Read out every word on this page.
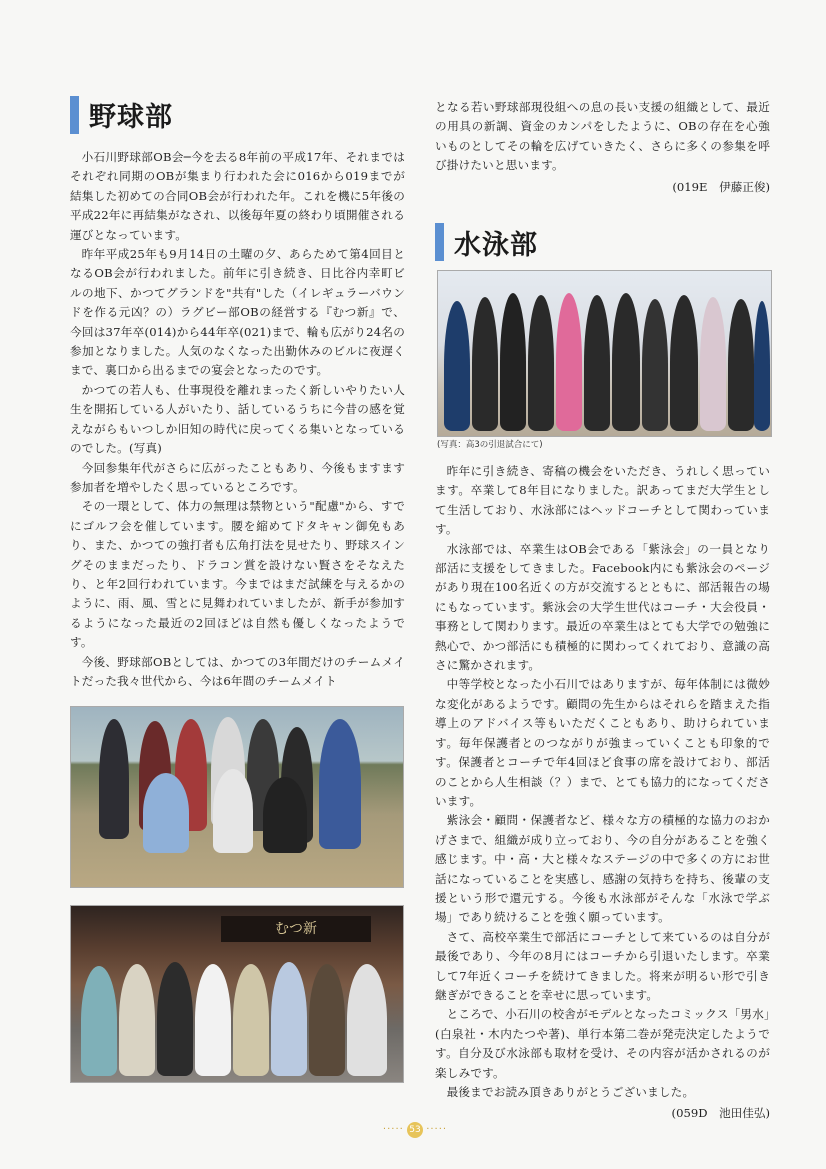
野球部

小石川野球部OB会─今を去る8年前の平成17年、それまではそれぞれ同期のOBが集まり行われた会に016から019までが結集した初めての合同OB会が行われた年。これを機に5年後の平成22年に再結集がなされ、以後毎年夏の終わり頃開催される運びとなっています。

昨年平成25年も9月14日の土曜の夕、あらためて第4回目となるOB会が行われました。前年に引き続き、日比谷内幸町ビルの地下、かつてグランドを"共有"した（イレギュラーバウンドを作る元凶？の）ラグビー部OBの経営する『むつ新』で、今回は37年卒(014)から44年卒(021)まで、輪も広がり24名の参加となりました。人気のなくなった出勤休みのビルに夜遅くまで、裏口から出るまでの宴会となったのです。

かつての若人も、仕事現役を離れまったく新しいやりたい人生を開拓している人がいたり、話しているうちに今昔の感を覚えながらもいつしか旧知の時代に戻ってくる集いとなっているのでした。(写真)

今回参集年代がさらに広がったこともあり、今後もますます参加者を増やしたく思っているところです。

その一環として、体力の無理は禁物という"配慮"から、すでにゴルフ会を催しています。腰を縮めてドタキャン御免もあり、また、かつての強打者も広角打法を見せたり、野球スイングそのままだったり、ドラコン賞を設けない賢さをそなえたり、と年2回行われています。今まではまだ試練を与えるかのように、雨、風、雪とに見舞われていましたが、新手が参加するようになった最近の2回ほどは自然も優しくなったようです。

今後、野球部OBとしては、かつての3年間だけのチームメイトだった我々世代から、今は6年間のチームメイト

むつ新

となる若い野球部現役組への息の長い支援の組織として、最近の用具の新調、資金のカンパをしたように、OBの存在を心強いものとしてその輪を広げていきたく、さらに多くの参集を呼び掛けたいと思います。

(019E　伊藤正俊)

水泳部
(写真：高3の引退試合にて)

昨年に引き続き、寄稿の機会をいただき、うれしく思っています。卒業して8年目になりました。訳あってまだ大学生として生活しており、水泳部にはヘッドコーチとして関わっています。

水泳部では、卒業生はOB会である「紫泳会」の一員となり部活に支援をしてきました。Facebook内にも紫泳会のページがあり現在100名近くの方が交流するとともに、部活報告の場にもなっています。紫泳会の大学生世代はコーチ・大会役員・事務として関わります。最近の卒業生はとても大学での勉強に熱心で、かつ部活にも積極的に関わってくれており、意識の高さに驚かされます。

中等学校となった小石川ではありますが、毎年体制には微妙な変化があるようです。顧問の先生からはそれらを踏まえた指導上のアドバイス等もいただくこともあり、助けられています。毎年保護者とのつながりが強まっていくことも印象的です。保護者とコーチで年4回ほど食事の席を設けており、部活のことから人生相談（？）まで、とても協力的になってくださいます。

紫泳会・顧問・保護者など、様々な方の積極的な協力のおかげさまで、組織が成り立っており、今の自分があることを強く感じます。中・高・大と様々なステージの中で多くの方にお世話になっていることを実感し、感謝の気持ちを持ち、後輩の支援という形で還元する。今後も水泳部がそんな「水泳で学ぶ場」であり続けることを強く願っています。

さて、高校卒業生で部活にコーチとして来ているのは自分が最後であり、今年の8月にはコーチから引退いたします。卒業して7年近くコーチを続けてきました。将来が明るい形で引き継ぎができることを幸せに思っています。

ところで、小石川の校舎がモデルとなったコミックス「男水」(白泉社・木内たつや著)、単行本第二巻が発売決定したようです。自分及び水泳部も取材を受け、その内容が活かされるのが楽しみです。

最後までお読み頂きありがとうございました。

(059D　池田佳弘)

····· 53 ·····
